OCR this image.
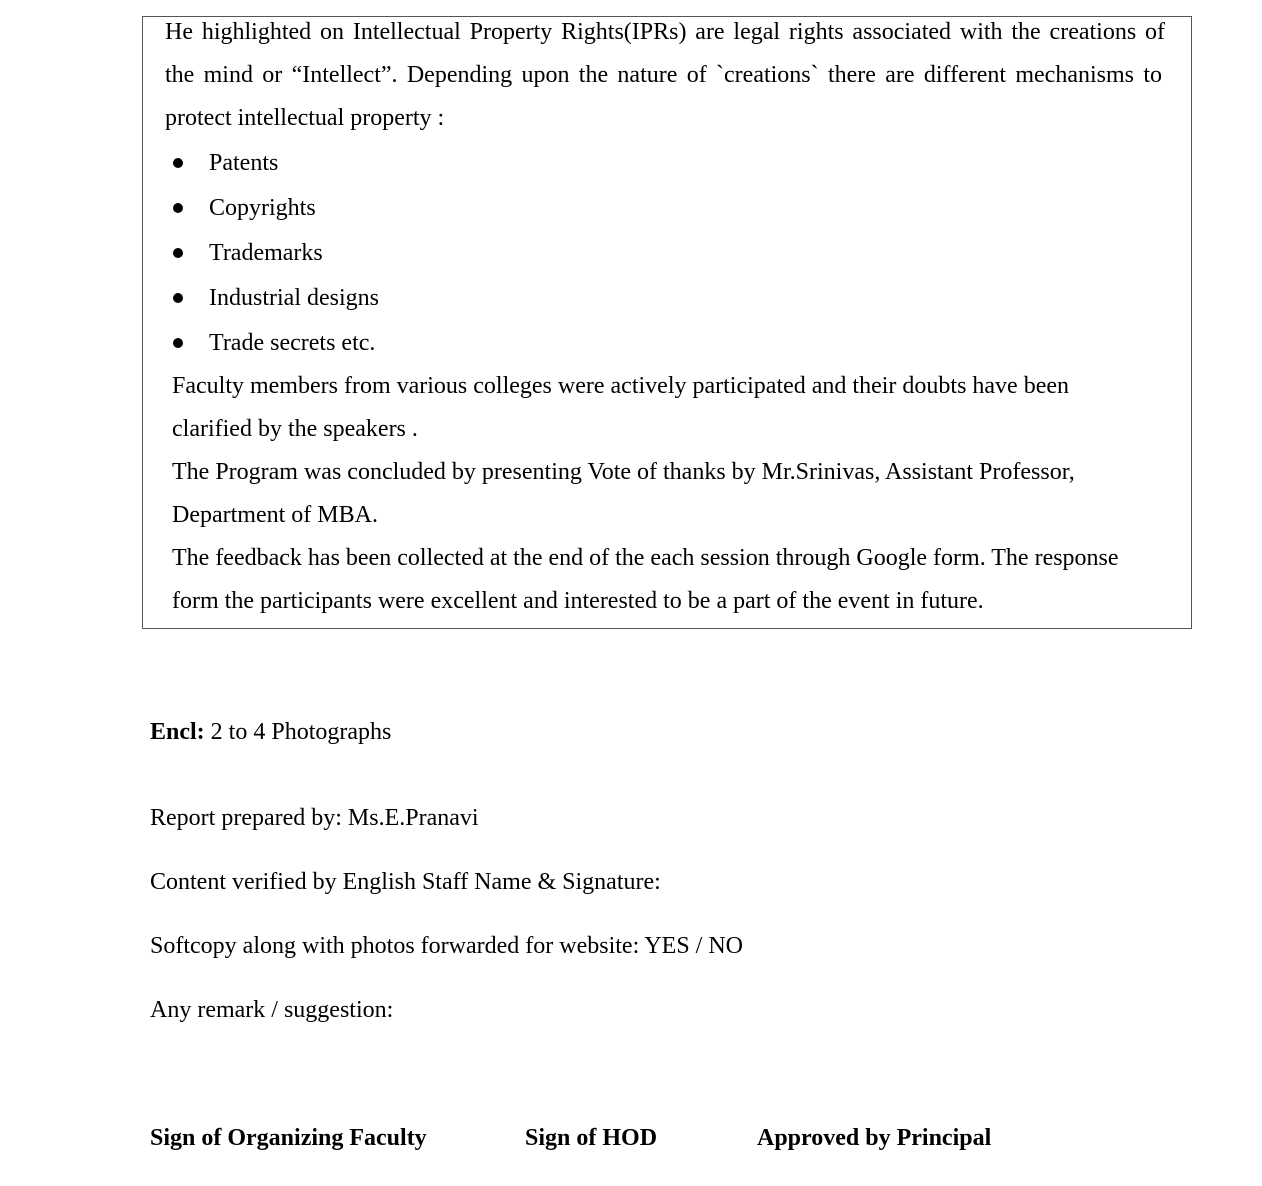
He highlighted on Intellectual Property Rights(IPRs) are legal rights associated with the creations of
the mind or “Intellect”. Depending upon the nature of `creations` there are different mechanisms to
protect intellectual property :
Patents
Copyrights
Trademarks
Industrial designs
Trade secrets etc.
Faculty members from various colleges were actively participated and their doubts have been
clarified by the speakers .
The Program was concluded by presenting Vote of thanks by Mr.Srinivas, Assistant Professor,
Department of MBA.
The feedback has been collected at the end of the each session through Google form. The response
form the participants were excellent and interested to be a part of the event in future.
Encl: 2 to 4 Photographs
Report prepared by: Ms.E.Pranavi
Content verified by English Staff Name & Signature:
Softcopy along with photos forwarded for website: YES / NO
Any remark / suggestion:
Sign of Organizing Faculty	Sign of HOD	Approved by Principal
